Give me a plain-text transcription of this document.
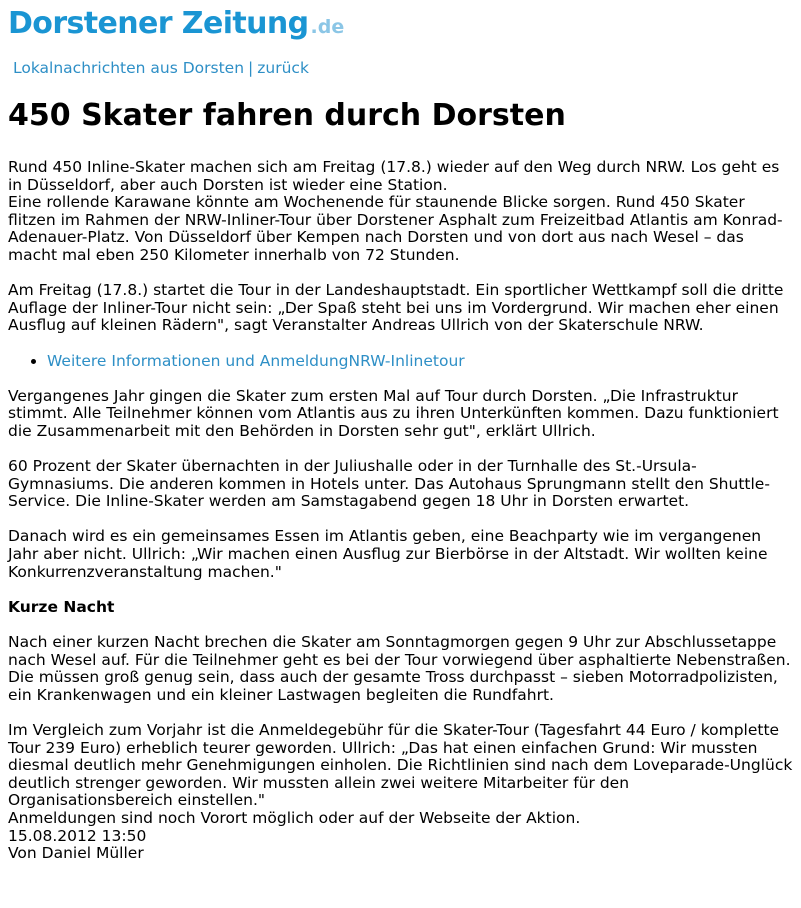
Dorstener Zeitung .de
Lokalnachrichten aus Dorsten | zurück
450 Skater fahren durch Dorsten

Rund 450 Inline-Skater machen sich am Freitag (17.8.) wieder auf den Weg durch NRW. Los geht es in Düsseldorf, aber auch Dorsten ist wieder eine Station.

Eine rollende Karawane könnte am Wochenende für staunende Blicke sorgen. Rund 450 Skater flitzen im Rahmen der NRW-Inliner-Tour über Dorstener Asphalt zum Freizeitbad Atlantis am Konrad-Adenauer-Platz. Von Düsseldorf über Kempen nach Dorsten und von dort aus nach Wesel – das macht mal eben 250 Kilometer innerhalb von 72 Stunden.

Am Freitag (17.8.) startet die Tour in der Landeshauptstadt. Ein sportlicher Wettkampf soll die dritte Auflage der Inliner-Tour nicht sein: „Der Spaß steht bei uns im Vordergrund. Wir machen eher einen Ausflug auf kleinen Rädern", sagt Veranstalter Andreas Ullrich von der Skaterschule NRW.

• Weitere Informationen und AnmeldungNRW-Inlinetour

Vergangenes Jahr gingen die Skater zum ersten Mal auf Tour durch Dorsten. „Die Infrastruktur stimmt. Alle Teilnehmer können vom Atlantis aus zu ihren Unterkünften kommen. Dazu funktioniert die Zusammenarbeit mit den Behörden in Dorsten sehr gut", erklärt Ullrich.

60 Prozent der Skater übernachten in der Juliushalle oder in der Turnhalle des St.-Ursula-Gymnasiums. Die anderen kommen in Hotels unter. Das Autohaus Sprungmann stellt den Shuttle-Service. Die Inline-Skater werden am Samstagabend gegen 18 Uhr in Dorsten erwartet.

Danach wird es ein gemeinsames Essen im Atlantis geben, eine Beachparty wie im vergangenen Jahr aber nicht. Ullrich: „Wir machen einen Ausflug zur Bierbörse in der Altstadt. Wir wollten keine Konkurrenzveranstaltung machen."

Kurze Nacht

Nach einer kurzen Nacht brechen die Skater am Sonntagmorgen gegen 9 Uhr zur Abschlussetappe nach Wesel auf. Für die Teilnehmer geht es bei der Tour vorwiegend über asphaltierte Nebenstraßen. Die müssen groß genug sein, dass auch der gesamte Tross durchpasst – sieben Motorradpolizisten, ein Krankenwagen und ein kleiner Lastwagen begleiten die Rundfahrt.

Im Vergleich zum Vorjahr ist die Anmeldegebühr für die Skater-Tour (Tagesfahrt 44 Euro / komplette Tour 239 Euro) erheblich teurer geworden. Ullrich: „Das hat einen einfachen Grund: Wir mussten diesmal deutlich mehr Genehmigungen einholen. Die Richtlinien sind nach dem Loveparade-Unglück deutlich strenger geworden. Wir mussten allein zwei weitere Mitarbeiter für den Organisationsbereich einstellen."

Anmeldungen sind noch Vorort möglich oder auf der Webseite der Aktion.

15.08.2012 13:50

Von Daniel Müller
